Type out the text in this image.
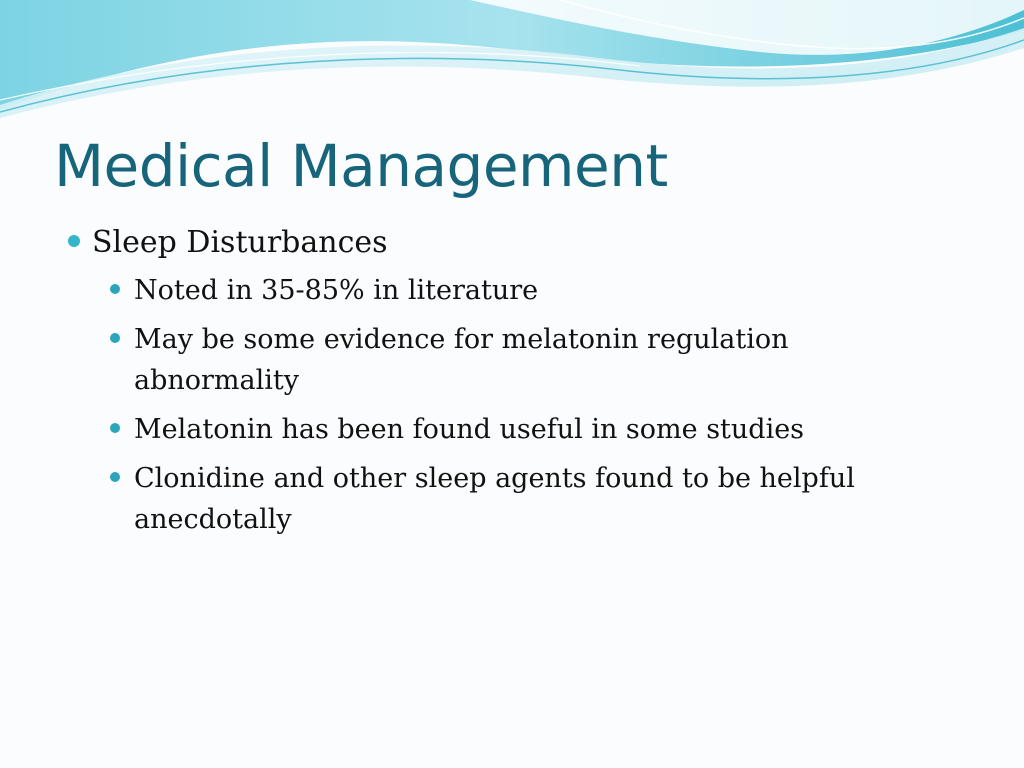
Medical Management
Sleep Disturbances
Noted in 35-85% in literature
May be some evidence for melatonin regulation abnormality
Melatonin has been found useful in some studies
Clonidine and other sleep agents found to be helpful anecdotally
